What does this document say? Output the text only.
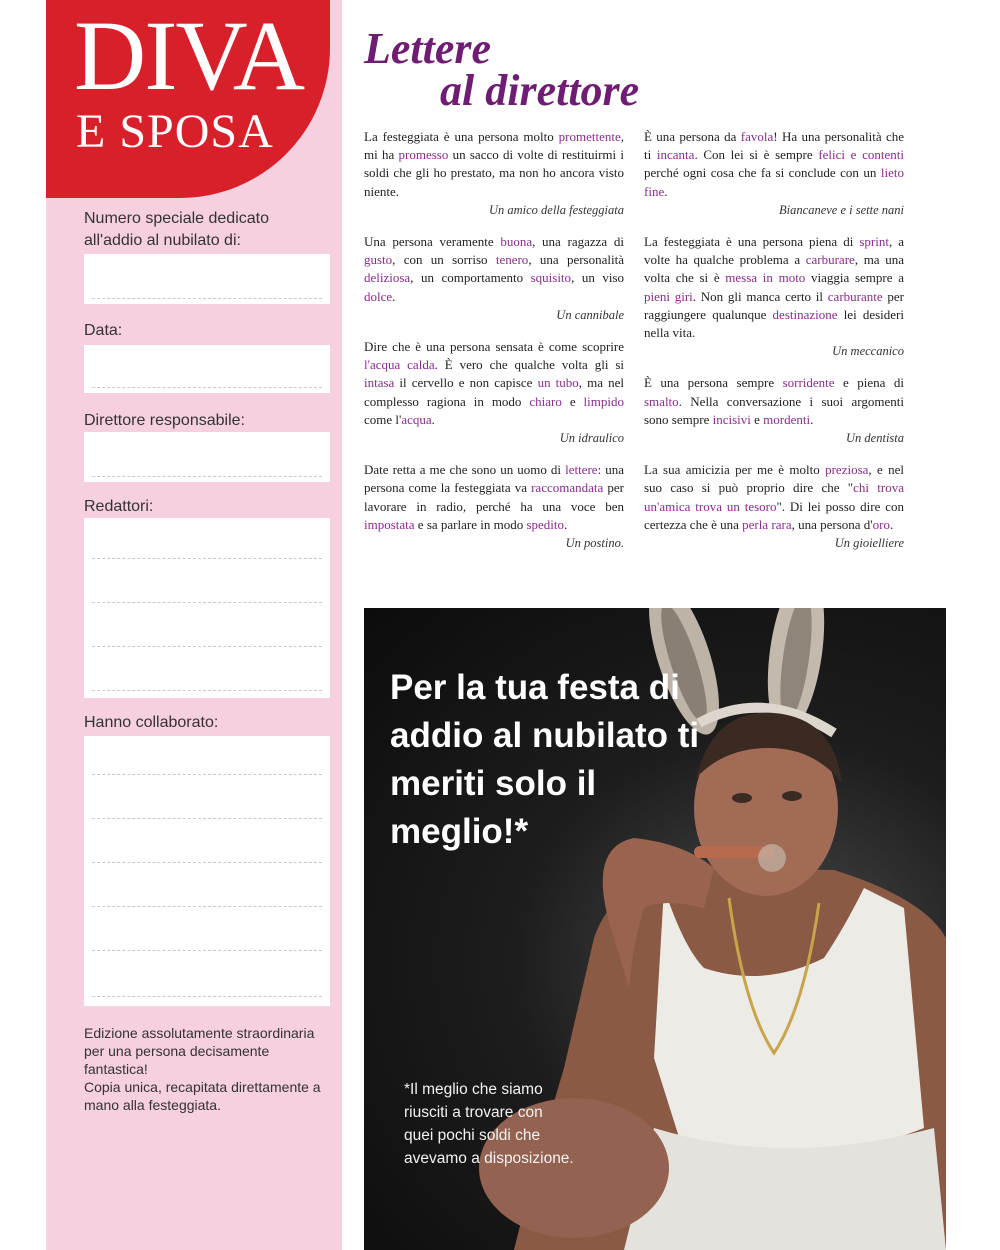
DIVA
E SPOSA
Numero speciale dedicato all'addio al nubilato di:
Data:
Direttore responsabile:
Redattori:
Hanno collaborato:

Edizione assolutamente straordinaria per una persona decisamente fantastica!

Copia unica, recapitata direttamente a mano alla festeggiata.

Lettere
al direttore

La festeggiata è una persona molto promettente, mi ha promesso un sacco di volte di restituirmi i soldi che gli ho prestato, ma non ho ancora visto niente.

Un amico della festeggiata

Una persona veramente buona, una ragazza di gusto, con un sorriso tenero, una personalità deliziosa, un comportamento squisito, un viso dolce.

Un cannibale

Dire che è una persona sensata è come scoprire l'acqua calda. È vero che qualche volta gli si intasa il cervello e non capisce un tubo, ma nel complesso ragiona in modo chiaro e limpido come l'acqua.

Un idraulico

Date retta a me che sono un uomo di lettere: una persona come la festeggiata va raccomandata per lavorare in radio, perché ha una voce ben impostata e sa parlare in modo spedito.

Un postino.

È una persona da favola! Ha una personalità che ti incanta. Con lei si è sempre felici e contenti perché ogni cosa che fa si conclude con un lieto fine.

Biancaneve e i sette nani

La festeggiata è una persona piena di sprint, a volte ha qualche problema a carburare, ma una volta che si è messa in moto viaggia sempre a pieni giri. Non gli manca certo il carburante per raggiungere qualunque destinazione lei desideri nella vita.

Un meccanico

È una persona sempre sorridente e piena di smalto. Nella conversazione i suoi argomenti sono sempre incisivi e mordenti.

Un dentista

La sua amicizia per me è molto preziosa, e nel suo caso si può proprio dire che "chi trova un'amica trova un tesoro". Di lei posso dire con certezza che è una perla rara, una persona d'oro.

Un gioielliere

Per la tua festa di addio al nubilato ti meriti solo il meglio!*
*Il meglio che siamo riusciti a trovare con quei pochi soldi che avevamo a disposizione.
